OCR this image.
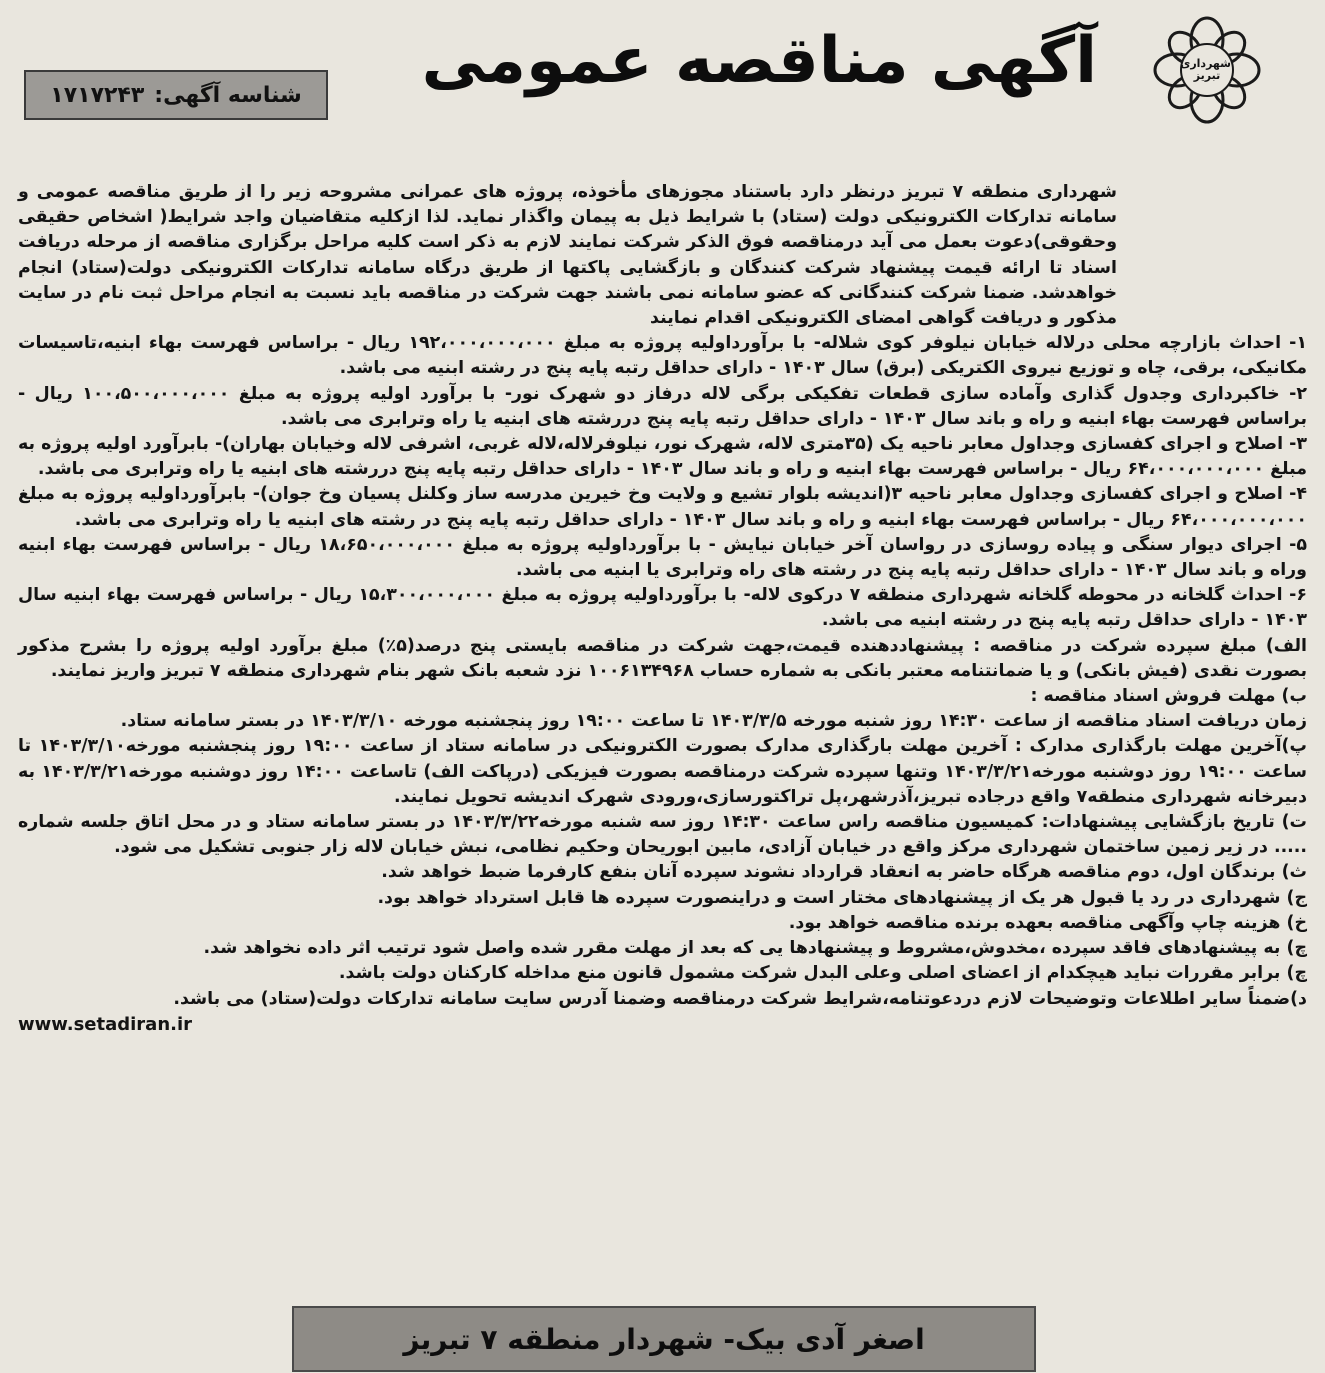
شهرداری تبریز
آگهی مناقصه عمومی
شناسه آگهی:
۱۷۱۷۲۴۳

شهرداری منطقه ۷ تبریز درنظر دارد باستناد مجوزهای مأخوذه، پروژه های عمرانی مشروحه زیر را از طریق مناقصه عمومی و سامانه تدارکات الکترونیکی دولت (ستاد) با شرایط ذیل به پیمان واگذار نماید. لذا ازکلیه متقاضیان واجد شرایط( اشخاص حقیقی وحقوقی)دعوت بعمل می آید درمناقصه فوق الذکر شرکت نمایند لازم به ذکر است کلیه مراحل برگزاری مناقصه از مرحله دریافت اسناد تا ارائه قیمت پیشنهاد شرکت کنندگان و بازگشایی پاکتها از طریق درگاه سامانه تدارکات الکترونیکی دولت(ستاد) انجام خواهدشد. ضمنا شرکت کنندگانی که عضو سامانه نمی باشند جهت شرکت در مناقصه باید نسبت به انجام مراحل ثبت نام در سایت مذکور و دریافت گواهی امضای الکترونیکی اقدام نمایند

۱- احداث بازارچه محلی درلاله خیابان نیلوفر کوی شلاله- با برآورداولیه پروژه به مبلغ ۱۹۲،۰۰۰،۰۰۰،۰۰۰ ریال - براساس فهرست بهاء ابنیه،تاسیسات مکانیکی، برقی، چاه و توزیع نیروی الکتریکی (برق) سال ۱۴۰۳ - دارای حداقل رتبه پایه پنج در رشته ابنیه می باشد.

۲- خاکبرداری وجدول گذاری وآماده سازی قطعات تفکیکی برگی لاله درفاز دو شهرک نور- با برآورد اولیه پروژه به مبلغ ۱۰۰،۵۰۰،۰۰۰،۰۰۰ ریال - براساس فهرست بهاء ابنیه و راه و باند سال ۱۴۰۳ - دارای حداقل رتبه پایه پنج دررشته های ابنیه یا راه وترابری می باشد.

۳- اصلاح و اجرای کفسازی وجداول معابر ناحیه یک (۳۵متری لاله، شهرک نور، نیلوفرلاله،لاله غربی، اشرفی لاله وخیابان بهاران)- بابرآورد اولیه پروژه به مبلغ ۶۴،۰۰۰،۰۰۰،۰۰۰ ریال - براساس فهرست بهاء ابنیه و راه و باند سال ۱۴۰۳ - دارای حداقل رتبه پایه پنج دررشته های ابنیه یا راه وترابری می باشد.

۴- اصلاح و اجرای کفسازی وجداول معابر ناحیه ۳(اندیشه بلوار تشیع و ولایت وخ خیرین مدرسه ساز وکلنل پسیان وخ جوان)- بابرآورداولیه پروژه به مبلغ ۶۴،۰۰۰،۰۰۰،۰۰۰ ریال - براساس فهرست بهاء ابنیه و راه و باند سال ۱۴۰۳ - دارای حداقل رتبه پایه پنج در رشته های ابنیه یا راه وترابری می باشد.

۵- اجرای دیوار سنگی و پیاده روسازی در رواسان آخر خیابان نیایش - با برآورداولیه پروژه به مبلغ ۱۸،۶۵۰،۰۰۰،۰۰۰ ریال - براساس فهرست بهاء ابنیه وراه و باند سال ۱۴۰۳ - دارای حداقل رتبه پایه پنج در رشته های راه وترابری یا ابنیه می باشد.

۶- احداث گلخانه در محوطه گلخانه شهرداری منطقه ۷ درکوی لاله- با برآورداولیه پروژه به مبلغ ۱۵،۳۰۰،۰۰۰،۰۰۰ ریال - براساس فهرست بهاء ابنیه سال ۱۴۰۳ - دارای حداقل رتبه پایه پنج در رشته ابنیه می باشد.

الف) مبلغ سپرده شرکت در مناقصه : پیشنهاددهنده قیمت،جهت شرکت در مناقصه بایستی پنج درصد(۵٪) مبلغ برآورد اولیه پروژه را بشرح مذکور بصورت نقدی (فیش بانکی) و یا ضمانتنامه معتبر بانکی به شماره حساب ۱۰۰۶۱۳۴۹۶۸ نزد شعبه بانک شهر بنام شهرداری منطقه ۷ تبریز واریز نمایند.

ب) مهلت فروش اسناد مناقصه :

زمان دریافت اسناد مناقصه از ساعت ۱۴:۳۰ روز شنبه مورخه ۱۴۰۳/۳/۵ تا ساعت ۱۹:۰۰ روز پنجشنبه مورخه ۱۴۰۳/۳/۱۰ در بستر سامانه ستاد.

پ)آخرین مهلت بارگذاری مدارک : آخرین مهلت بارگذاری مدارک بصورت الکترونیکی در سامانه ستاد از ساعت ۱۹:۰۰ روز پنجشنبه مورخه۱۴۰۳/۳/۱۰ تا ساعت ۱۹:۰۰ روز دوشنبه مورخه۱۴۰۳/۳/۲۱ وتنها سپرده شرکت درمناقصه بصورت فیزیکی (درپاکت الف) تاساعت ۱۴:۰۰ روز دوشنبه مورخه۱۴۰۳/۳/۲۱ به دبیرخانه شهرداری منطقه۷ واقع درجاده تبریز،آذرشهر،پل تراکتورسازی،ورودی شهرک اندیشه تحویل نمایند.

ت) تاریخ بازگشایی پیشنهادات: کمیسیون مناقصه راس ساعت ۱۴:۳۰ روز سه شنبه مورخه۱۴۰۳/۳/۲۲ در بستر سامانه ستاد و در محل اتاق جلسه شماره ..... در زیر زمین ساختمان شهرداری مرکز واقع در خیابان آزادی، مابین ابوریحان وحکیم نظامی، نبش خیابان لاله زار جنوبی تشکیل می شود.

ث) برندگان اول، دوم مناقصه هرگاه حاضر به انعقاد قرارداد نشوند سپرده آنان بنفع کارفرما ضبط خواهد شد.

ج) شهرداری در رد یا قبول هر یک از پیشنهادهای مختار است و دراینصورت سپرده ها قابل استرداد خواهد بود.

خ) هزینه چاپ وآگهی مناقصه بعهده برنده مناقصه خواهد بود.

چ) به پیشنهادهای فاقد سپرده ،مخدوش،مشروط و پیشنهادها یی که بعد از مهلت مقرر شده واصل شود ترتیب اثر داده نخواهد شد.

چ) برابر مقررات نباید هیچکدام از اعضای اصلی وعلی البدل شرکت مشمول قانون منع مداخله کارکنان دولت باشد.

د)ضمناً سایر اطلاعات وتوضیحات لازم دردعوتنامه،شرایط شرکت درمناقصه وضمنا آدرس سایت سامانه تدارکات دولت(ستاد) می باشد.

www.setadiran.ir

اصغر آدی بیک- شهردار منطقه ۷ تبریز
